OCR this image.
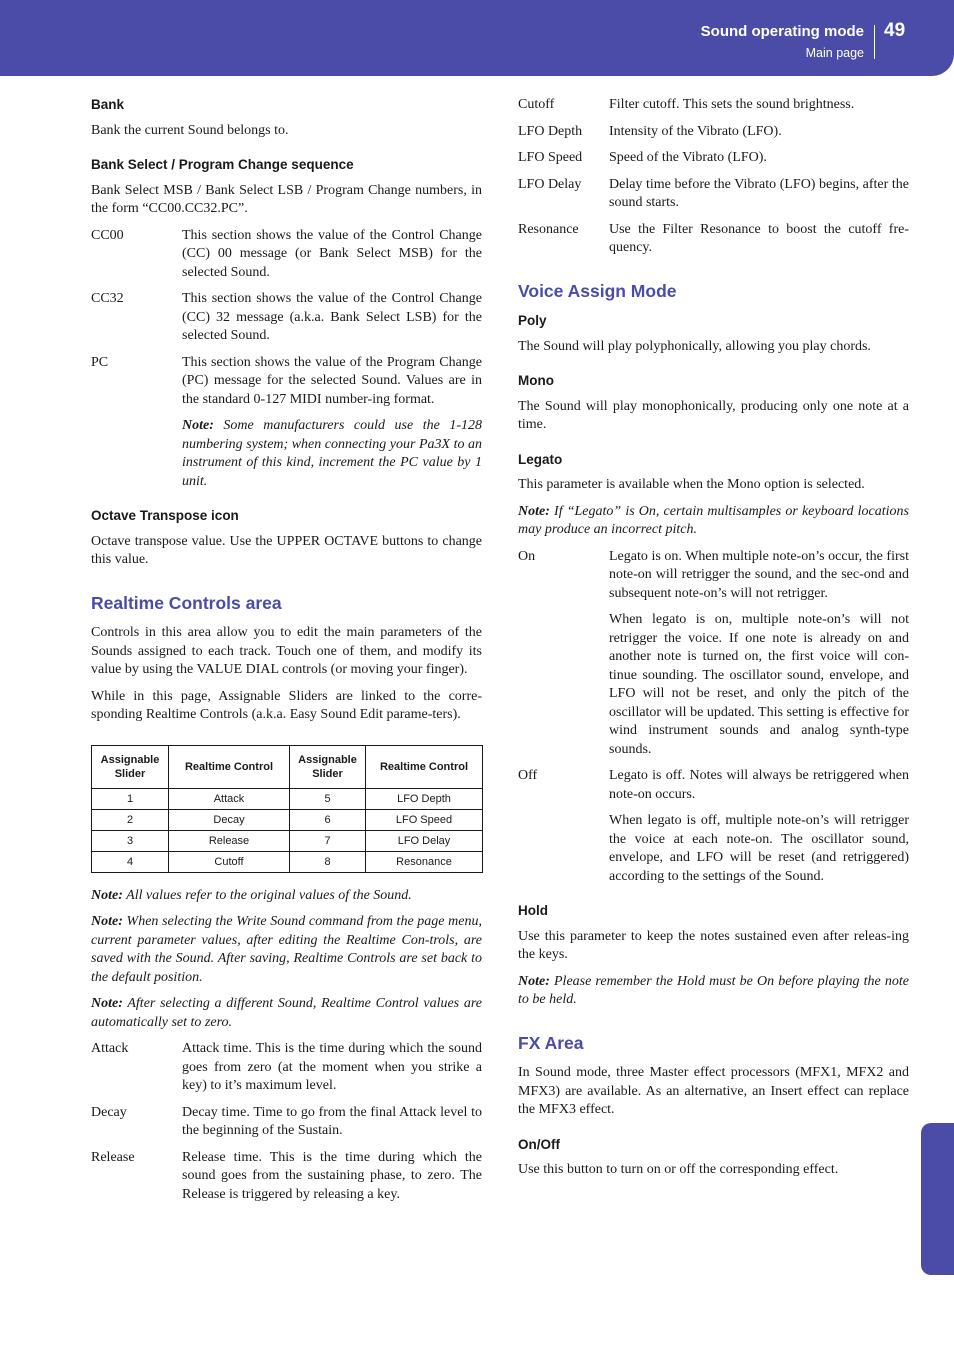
Sound operating mode
Main page
49
Advanced
Bank

Bank the current Sound belongs to.

Bank Select / Program Change sequence

Bank Select MSB / Bank Select LSB / Program Change numbers, in the form “CC00.CC32.PC”.

CC00	This section shows the value of the Control Change (CC) 00 message (or Bank Select MSB) for the selected Sound.
CC32	This section shows the value of the Control Change (CC) 32 message (a.k.a. Bank Select LSB) for the selected Sound.
PC	This section shows the value of the Program Change (PC) message for the selected Sound. Values are in the standard 0-127 MIDI number-ing format.

Note: Some manufacturers could use the 1-128 numbering system; when connecting your Pa3X to an instrument of this kind, increment the PC value by 1 unit.

Octave Transpose icon

Octave transpose value. Use the UPPER OCTAVE buttons to change this value.

Realtime Controls area

Controls in this area allow you to edit the main parameters of the Sounds assigned to each track. Touch one of them, and modify its value by using the VALUE DIAL controls (or moving your finger).

While in this page, Assignable Sliders are linked to the corre-sponding Realtime Controls (a.k.a. Easy Sound Edit parame-ters).

Assignable Slider	Realtime Control	Assignable Slider	Realtime Control
1	Attack	5	LFO Depth
2	Decay	6	LFO Speed
3	Release	7	LFO Delay
4	Cutoff	8	Resonance

Note: All values refer to the original values of the Sound.

Note: When selecting the Write Sound command from the page menu, current parameter values, after editing the Realtime Con-trols, are saved with the Sound. After saving, Realtime Controls are set back to the default position.

Note: After selecting a different Sound, Realtime Control values are automatically set to zero.

Attack	Attack time. This is the time during which the sound goes from zero (at the moment when you strike a key) to it’s maximum level.
Decay	Decay time. Time to go from the final Attack level to the beginning of the Sustain.
Release	Release time. This is the time during which the sound goes from the sustaining phase, to zero. The Release is triggered by releasing a key.
Cutoff	Filter cutoff. This sets the sound brightness.
LFO Depth	Intensity of the Vibrato (LFO).
LFO Speed	Speed of the Vibrato (LFO).
LFO Delay	Delay time before the Vibrato (LFO) begins, after the sound starts.
Resonance	Use the Filter Resonance to boost the cutoff fre-quency.
Voice Assign Mode
Poly

The Sound will play polyphonically, allowing you play chords.

Mono

The Sound will play monophonically, producing only one note at a time.

Legato

This parameter is available when the Mono option is selected.

Note: If “Legato” is On, certain multisamples or keyboard locations may produce an incorrect pitch.

On	Legato is on. When multiple note-on’s occur, the first note-on will retrigger the sound, and the sec-ond and subsequent note-on’s will not retrigger.

When legato is on, multiple note-on’s will not retrigger the voice. If one note is already on and another note is turned on, the first voice will con-tinue sounding. The oscillator sound, envelope, and LFO will not be reset, and only the pitch of the oscillator will be updated. This setting is effective for wind instrument sounds and analog synth-type sounds.

Off	Legato is off. Notes will always be retriggered when note-on occurs.

When legato is off, multiple note-on’s will retrigger the voice at each note-on. The oscillator sound, envelope, and LFO will be reset (and retriggered) according to the settings of the Sound.

Hold

Use this parameter to keep the notes sustained even after releas-ing the keys.

Note: Please remember the Hold must be On before playing the note to be held.

FX Area

In Sound mode, three Master effect processors (MFX1, MFX2 and MFX3) are available. As an alternative, an Insert effect can replace the MFX3 effect.

On/Off

Use this button to turn on or off the corresponding effect.
